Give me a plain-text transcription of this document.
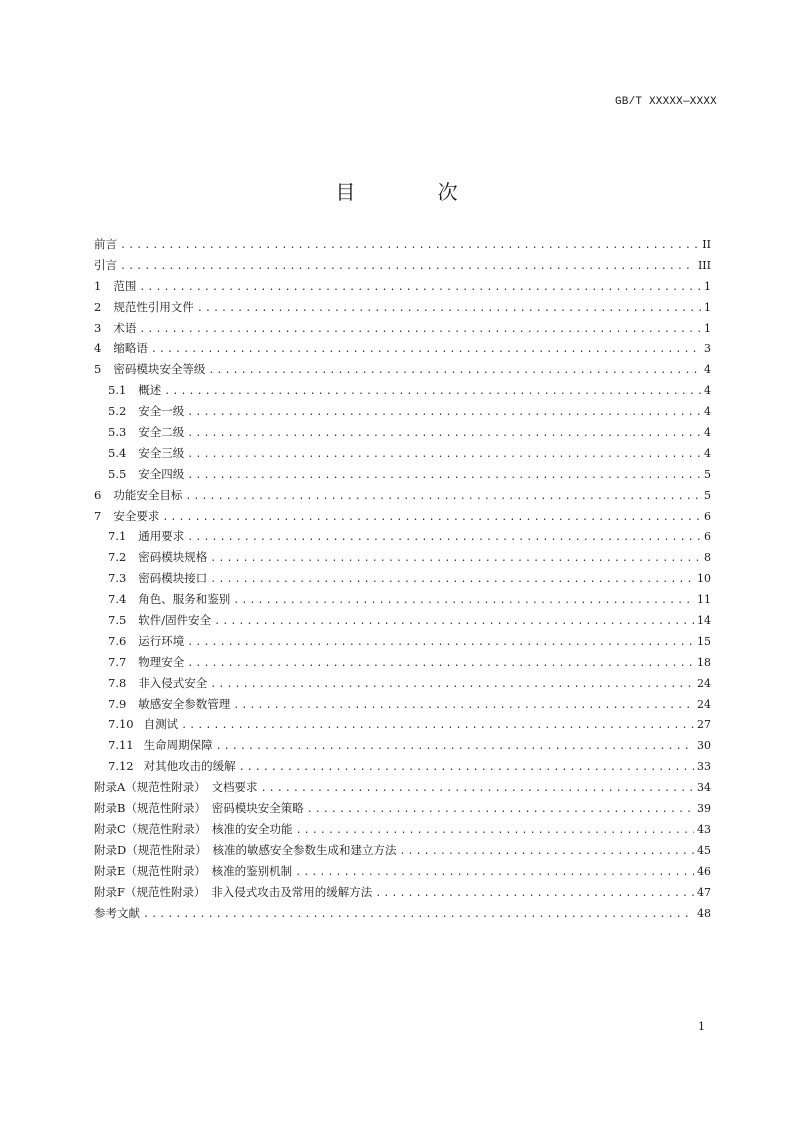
GB/T XXXXX—XXXX
目 次
前言 .....	II
引言 .....	III
1 范围 .....	1
2 规范性引用文件 .....	1
3 术语 .....	1
4 缩略语 .....	3
5 密码模块安全等级 .....	4
5.1 概述 .....	4
5.2 安全一级 .....	4
5.3 安全二级 .....	4
5.4 安全三级 .....	4
5.5 安全四级 .....	5
6 功能安全目标 .....	5
7 安全要求 .....	6
7.1 通用要求 .....	6
7.2 密码模块规格 .....	8
7.3 密码模块接口 .....	10
7.4 角色、服务和鉴别 .....	11
7.5 软件/固件安全 .....	14
7.6 运行环境 .....	15
7.7 物理安全 .....	18
7.8 非入侵式安全 .....	24
7.9 敏感安全参数管理 .....	24
7.10 自测试 .....	27
7.11 生命周期保障 .....	30
7.12 对其他攻击的缓解 .....	33
附录A（规范性附录）　文档要求 .....	34
附录B（规范性附录）　密码模块安全策略 .....	39
附录C（规范性附录）　核准的安全功能 .....	43
附录D（规范性附录）　核准的敏感安全参数生成和建立方法 .....	45
附录E（规范性附录）　核准的鉴别机制 .....	46
附录F（规范性附录）　非入侵式攻击及常用的缓解方法 .....	47
参考文献 .....	48
1
